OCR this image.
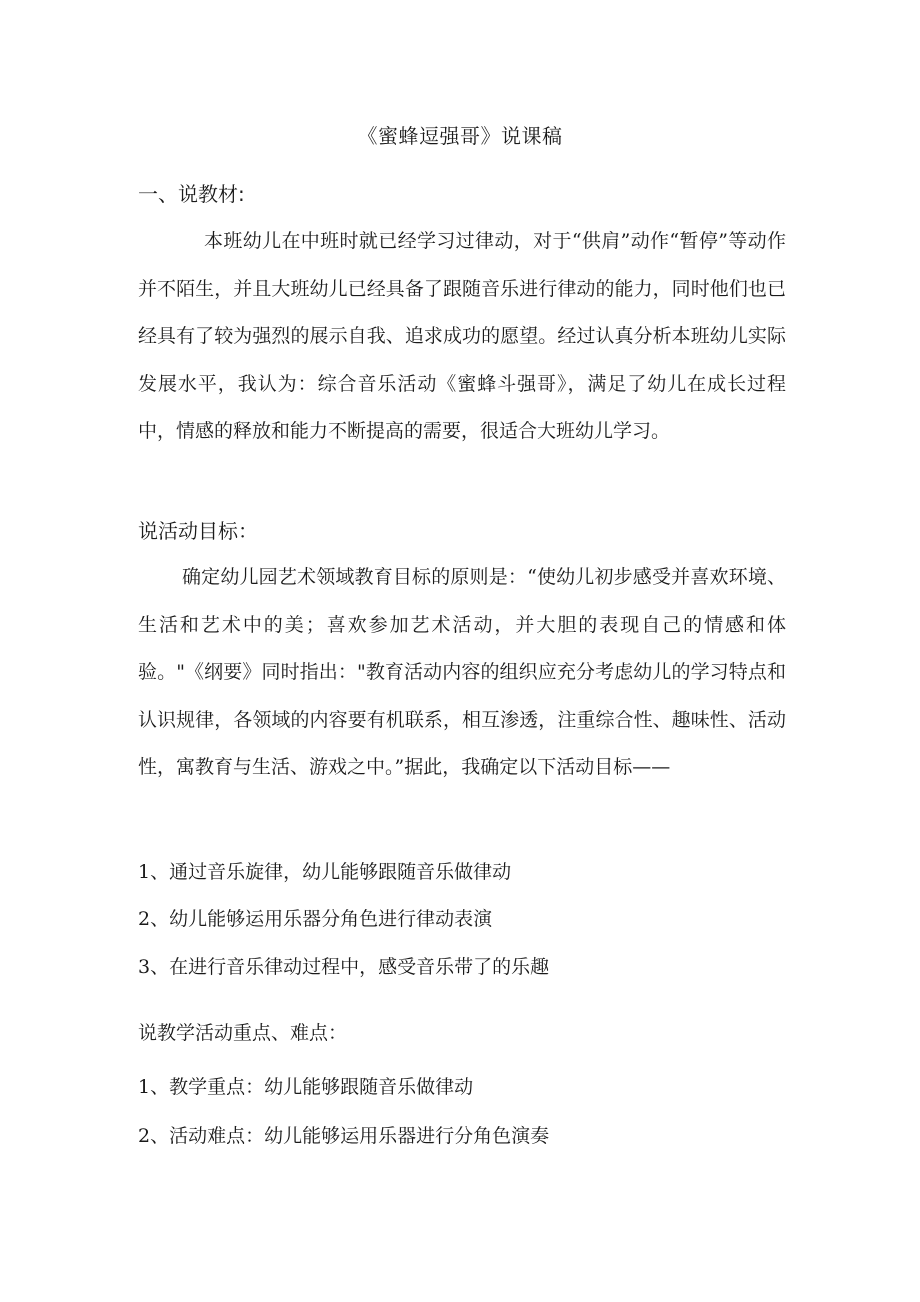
《蜜蜂逗强哥》说课稿
一、说教材:

本班幼儿在中班时就已经学习过律动，对于“供肩”动作“暂停”等动作并不陌生，并且大班幼儿已经具备了跟随音乐进行律动的能力，同时他们也已经具有了较为强烈的展示自我、追求成功的愿望。经过认真分析本班幼儿实际发展水平，我认为：综合音乐活动《蜜蜂斗强哥》，满足了幼儿在成长过程中，情感的释放和能力不断提高的需要，很适合大班幼儿学习。

说活动目标：

确定幼儿园艺术领域教育目标的原则是：“使幼儿初步感受并喜欢环境、生活和艺术中的美；喜欢参加艺术活动，并大胆的表现自己的情感和体验。"《纲要》同时指出："教育活动内容的组织应充分考虑幼儿的学习特点和认识规律，各领域的内容要有机联系，相互渗透，注重综合性、趣味性、活动性，寓教育与生活、游戏之中。”据此，我确定以下活动目标——

1、通过音乐旋律，幼儿能够跟随音乐做律动
2、幼儿能够运用乐器分角色进行律动表演
3、在进行音乐律动过程中，感受音乐带了的乐趣
说教学活动重点、难点：
1、教学重点：幼儿能够跟随音乐做律动
2、活动难点：幼儿能够运用乐器进行分角色演奏
